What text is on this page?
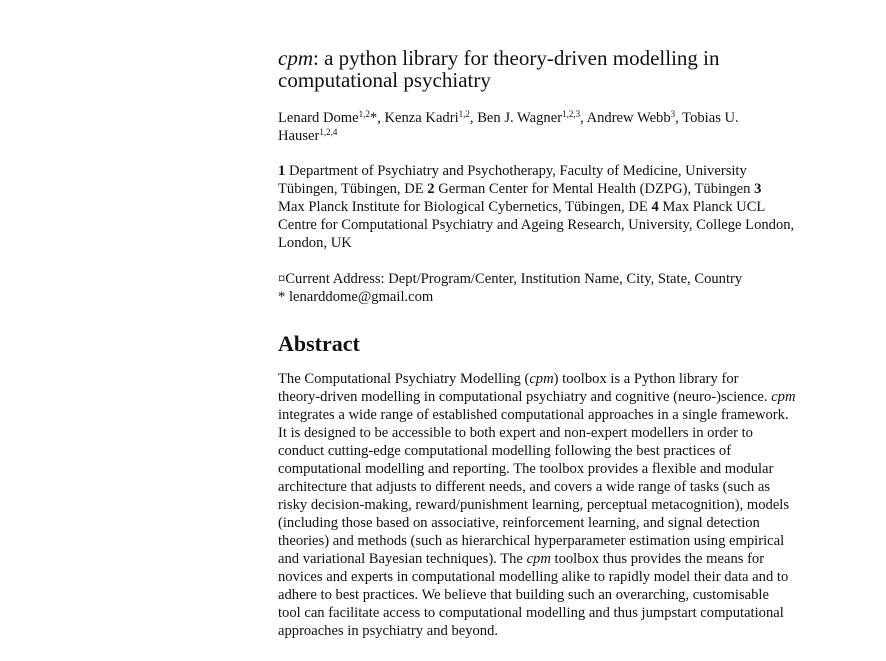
cpm: a python library for theory-driven modelling in
computational psychiatry
Lenard Dome$^{1,2}$*, Kenza Kadri$^{1,2}$, Ben J. Wagner$^{1,2,3}$, Andrew Webb$^3$, Tobias U.
Hauser$^{1,2,4}$
1 Department of Psychiatry and Psychotherapy, Faculty of Medicine, University
Tübingen, Tübingen, DE 2 German Center for Mental Health (DZPG), Tübingen 3
Max Planck Institute for Biological Cybernetics, Tübingen, DE 4 Max Planck UCL
Centre for Computational Psychiatry and Ageing Research, University, College London,
London, UK
¤Current Address: Dept/Program/Center, Institution Name, City, State, Country
* lenarddome@gmail.com
Abstract
The Computational Psychiatry Modelling (cpm) toolbox is a Python library for
theory-driven modelling in computational psychiatry and cognitive (neuro-)science. cpm
integrates a wide range of established computational approaches in a single framework.
It is designed to be accessible to both expert and non-expert modellers in order to
conduct cutting-edge computational modelling following the best practices of
computational modelling and reporting. The toolbox provides a flexible and modular
architecture that adjusts to different needs, and covers a wide range of tasks (such as
risky decision-making, reward/punishment learning, perceptual metacognition), models
(including those based on associative, reinforcement learning, and signal detection
theories) and methods (such as hierarchical hyperparameter estimation using empirical
and variational Bayesian techniques). The cpm toolbox thus provides the means for
novices and experts in computational modelling alike to rapidly model their data and to
adhere to best practices. We believe that building such an overarching, customisable
tool can facilitate access to computational modelling and thus jumpstart computational
approaches in psychiatry and beyond.
